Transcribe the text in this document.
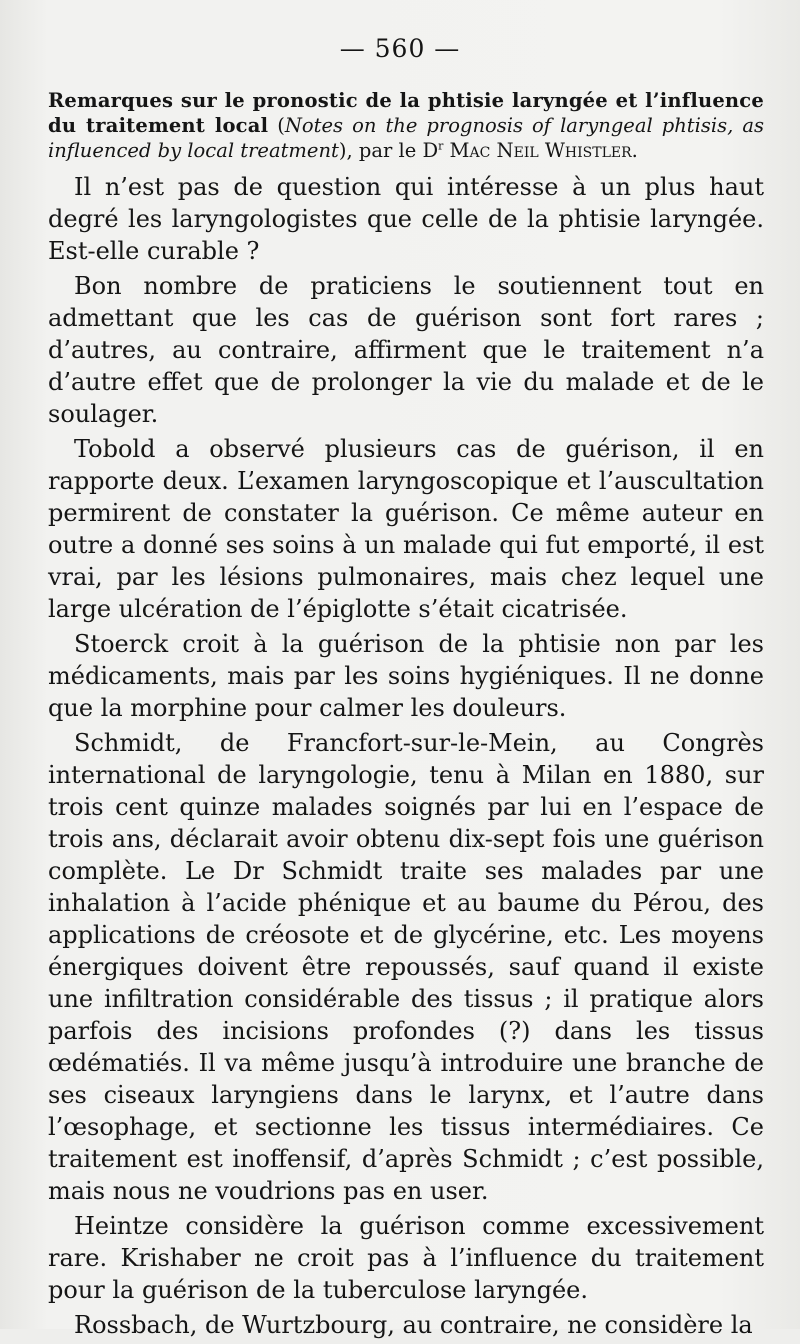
— 560 —

Remarques sur le pronostic de la phtisie laryngée et l’influence du traitement local (Notes on the prognosis of laryngeal phtisis, as influenced by local treatment), par le $D^r$ Mac Neil Whistler.

Il n’est pas de question qui intéresse à un plus haut degré les laryngologistes que celle de la phtisie laryngée. Est-elle curable ?

Bon nombre de praticiens le soutiennent tout en admettant que les cas de guérison sont fort rares ; d’autres, au contraire, affirment que le traitement n’a d’autre effet que de prolonger la vie du malade et de le soulager.

Tobold a observé plusieurs cas de guérison, il en rapporte deux. L’examen laryngoscopique et l’auscultation permirent de constater la guérison. Ce même auteur en outre a donné ses soins à un malade qui fut emporté, il est vrai, par les lésions pulmonaires, mais chez lequel une large ulcération de l’épiglotte s’était cicatrisée.

Stoerck croit à la guérison de la phtisie non par les médicaments, mais par les soins hygiéniques. Il ne donne que la morphine pour calmer les douleurs.

Schmidt, de Francfort-sur-le-Mein, au Congrès international de laryngologie, tenu à Milan en 1880, sur trois cent quinze malades soignés par lui en l’espace de trois ans, déclarait avoir obtenu dix-sept fois une guérison complète. Le Dr Schmidt traite ses malades par une inhalation à l’acide phénique et au baume du Pérou, des applications de créosote et de glycérine, etc. Les moyens énergiques doivent être repoussés, sauf quand il existe une infiltration considérable des tissus ; il pratique alors parfois des incisions profondes (?) dans les tissus œdématiés. Il va même jusqu’à introduire une branche de ses ciseaux laryngiens dans le larynx, et l’autre dans l’œsophage, et sectionne les tissus intermédiaires. Ce traitement est inoffensif, d’après Schmidt ; c’est possible, mais nous ne voudrions pas en user.

Heintze considère la guérison comme excessivement rare. Krishaber ne croit pas à l’influence du traitement pour la guérison de la tuberculose laryngée.

Rossbach, de Wurtzbourg, au contraire, ne considère la
